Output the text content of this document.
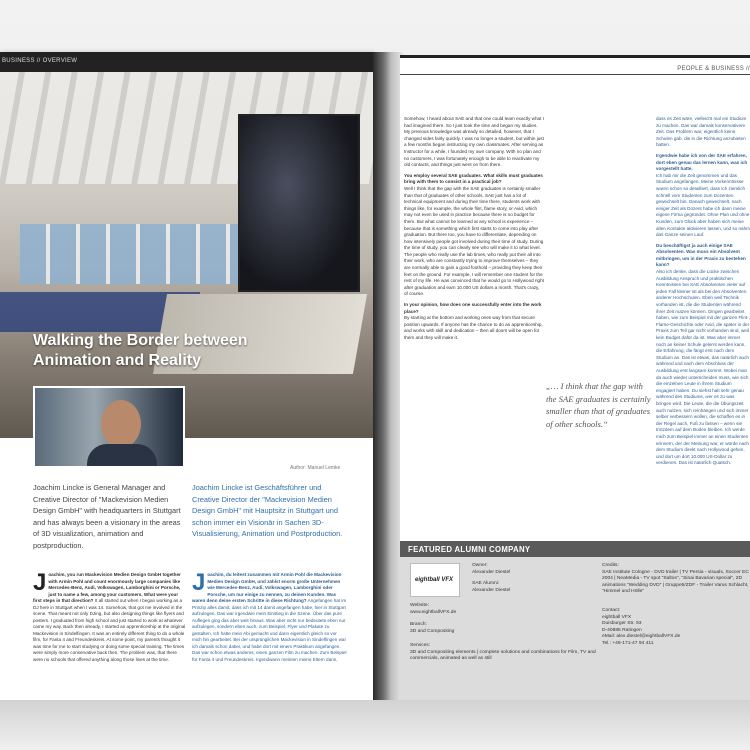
BUSINESS // OVERVIEW
Walking the Border between
Animation and Reality
Author: Manuel Lemke
Joachim Lincke is General Manager and Creative Director of "Mackevision Medien Design GmbH" with headquarters in Stuttgart and has always been a visionary in the areas of 3D visualization, animation and postproduction.
Joachim Lincke ist Geschäftsführer und Creative Director der "Mackevision Medien Design GmbH" mit Hauptsitz in Stuttgart und schon immer ein Visionär in Sachen 3D-Visualisierung, Animation und Postproduction.
Joachim, you run Mackevision Medien Design GmbH together with Armin Pohl and count enormously large companies like Mercedes-Benz, Audi, Volkswagen, Lamborghini or Porsche, just to name a few, among your customers. What were your first steps in that direction? It all started out when I began working as a DJ here in Stuttgart when I was 14. Somehow, that got me involved in the scene. That meant not only DJing, but also designing things like flyers and posters. I graduated from high school and just started to work at whatever came my way. Back then already, I started an apprenticeship at the original Mackevision in Sindelfingen. It was an entirely different thing to do a whole film, for Fanta 4 and Freundeskreis. At some point, my parents thought it was time for me to start studying or doing some special training. The times were simply more conservative back then. The problem was, that there were no schools that offered anything along those lines at the time.
Joachim, du leitest zusammen mit Armin Pohl die Mackevision Medien Design GmbH, und zählst enorm große Unternehmen wie Mercedes-Benz, Audi, Volkswagen, Lamborghini oder Porsche, um nur einige zu nennen, zu deinen Kunden. Was waren denn deine ersten Schritte in diese Richtung? Angefangen hat im Prinzip alles damit, dass ich mit 14 damit angefangen habe, hier in Stuttgart aufzulegen. Das war irgendwie mein Einstieg in die Szene. Über das pure Auflegen ging das aber weit hinaus. Was aber nicht nur bedeutete eben nur aufzulegen, sondern eben auch, zum Beispiel, Flyer und Plakate zu gestalten. Ich hatte mein Abi gemacht und dann eigentlich gleich so vor mich hin gearbeitet. Bei der ursprünglichen Mackevision in Sindelfingen war ich damals schon dabei, und habe dort mit einem Praktikum angefangen. Das war schon etwas anderes, einen ganzen Film zu machen. Zum Beispiel für Fanta 4 und Freundeskreis. Irgendwann meinten meine Eltern dann,
PEOPLE & BUSINESS //

Somehow, I heard about SAE and that one could learn exactly what I had imagined there. So I just took the time and began my studies. My previous knowledge was already so detailed, however, that I changed sides fairly quickly. I was no longer a student, but within just a few months began instructing my own classmates. After serving as Instructor for a while, I founded my own company. With no plan and no customers, I was fortunately enough to be able to reactivate my old contacts, and things just went on from there.

You employ several SAE graduates. What skills must graduates bring with them to consist in a practical job?

Well I think that the gap with the SAE graduates is certainly smaller than that of graduates of other schools. SAE just has a lot of technical equipment and during their time there, students work with things like, for example, the whole flint, flame story, or Avid, which may not even be used in practice because there is no budget for them. But what cannot be learned at any school is experience – because that is something which first starts to come into play after graduation. But there too, you have to differentiate, depending on how intensively people got involved during their time of study. During the time of study, you can clearly see who will make it to what level. The people who really use the lab times, who really put their all into their work, who are constantly trying to improve themselves – they are normally able to gain a good foothold – providing they keep their feet on the ground. For example, I will remember one student for the rest of my life. He was convinced that he would go to Hollywood right after graduation and earn 10.000 US dollars a month. That's crazy, of course.

In your opinion, how does one successfully enter into the work place?

By starting at the bottom and working ones way from that secure position upwards. If anyone has the chance to do an apprenticeship, and works with skill and dedication – then all doors will be open for them and they will make it.

„… I think that the gap with the SAE graduates is certainly smaller than that of graduates of other schools.“

dass es Zeit wäre, vielleicht mal ein Studium zu machen. Das war damals konservativere Zeit. Das Problem war, eigentlich keine Schulen gab, die in die Richtung anzubieten hatten.

Irgendwie habe ich von der SAE erfahren, dort eben genau das lernen kann, was ich vorgestellt hatte.

Ich hab mir die Zeit genommen und das Studium angefangen. Meine Vorkenntnisse waren schon so detailliert, dass ich ziemlich schnell vom Studenten zum Dozenten gewechselt bin. Danach gewechselt, nach einiger Zeit als Dozent habe ich dann meine eigene Firma gegründet. Ohne Plan und ohne Kunden, zum Glück aber haben sich meine alten Kontakte aktivieren lassen, und so nahm das Ganze seinen Lauf.

Du beschäftigst ja auch einige SAE Absolventen. Was muss ein Absolvent mitbringen, um in der Praxis zu bestehen kann?

Also ich denke, dass die Lücke zwischen Ausbildung Anspruch und praktischen Kenntnissen bei SAE Absolventen vieler auf jeden Fall kleiner ist als bei den Absolventen anderer Hochschulen. Eben weil Technik vorhanden ist, die die Studenten während ihrer Zeit nutzen können. Dingen gearbeitet haben, wie zum Beispiel mit der ganzen Flint-, Flame-Geschichte oder Avid, die später in der Praxis zum Teil gar nicht vorhanden sind, weil kein Budget dafür da ist. Was aber immer noch an keiner Schule gelernt werden kann, die Erfahrung, die fängt erst nach dem Studium an. Das ist etwas, das natürlich auch während und nach dem Abschluss der Ausbildung erst langsam kommt. Wobei man da auch wieder unterscheiden muss, wie sich die einzelnen Leute in ihrem Studium engagiert haben. Du siehst halt sehr genau während des Studiums, wer es zu was bringen wird. Die Leute, die die Übungszeit auch nutzen, sich reinhängen und sich immer selber verbessern wollen, die schaffen es in der Regel auch, Fuß zu fassen – wenn sie trotzdem auf dem Boden bleiben. Ich werde mich zum Beispiel immer an einen Studenten erinnern, der der Meinung war, er würde nach dem Studium direkt nach Hollywood gehen, und dort um dort 10.000 US-Dollar zu verdienen. Das ist natürlich Quatsch.

FEATURED ALUMNI COMPANY
eightball VFX
Owner:
Alexander Diestel
SAE Alumni:
Alexander Diestel
Website:
www.eightballVFX.de
Branch:
3D and Compositing
Services:
3D and Compositing elements | complete solutions and combinations for Film, TV and commercials, animated as well as still
Credits:
SAE Institute Cologne - DVD trailer | TV Persia - visuals, Soccer EC 2004 | NeaMedia - TV spot "Saltos", "Sinai Bavarian special", 2D animations "Wedding DVD" | Gruppe5/ZDF - Trailer Varus Schlacht, "Himmel und Hölle"
Contact:
eightball VFX
Duisburger Str. 93
D-40885 Ratingen
eMail: alex.diestel@eightballVFX.de
Tel.: +49-171-47 94 411
